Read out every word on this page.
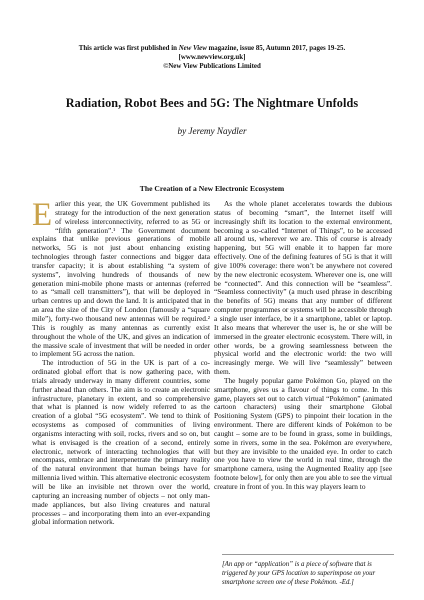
This article was first published in New View magazine, issue 85, Autumn 2017, pages 19-25.
[www.newview.org.uk]
©New View Publications Limited
Radiation, Robot Bees and 5G: The Nightmare Unfolds
by Jeremy Naydler
The Creation of a New Electronic Ecosystem

Earlier this year, the UK Government published its strategy for the introduction of the next generation of wireless interconnectivity, referred to as 5G or “fifth generation”.¹ The Government document explains that unlike previous generations of mobile networks, 5G is not just about enhancing existing technologies through faster connections and bigger data transfer capacity; it is about establishing “a system of systems”, involving hundreds of thousands of new generation mini-mobile phone masts or antennas (referred to as “small cell transmitters”), that will be deployed in urban centres up and down the land. It is anticipated that in an area the size of the City of London (famously a “square mile”), forty-two thousand new antennas will be required.² This is roughly as many antennas as currently exist throughout the whole of the UK, and gives an indication of the massive scale of investment that will be needed in order to implement 5G across the nation.

The introduction of 5G in the UK is part of a co-ordinated global effort that is now gathering pace, with trials already underway in many different countries, some further ahead than others. The aim is to create an electronic infrastructure, planetary in extent, and so comprehensive that what is planned is now widely referred to as the creation of a global “5G ecosystem”. We tend to think of ecosystems as composed of communities of living organisms interacting with soil, rocks, rivers and so on, but what is envisaged is the creation of a second, entirely electronic, network of interacting technologies that will encompass, embrace and interpenetrate the primary reality of the natural environment that human beings have for millennia lived within. This alternative electronic ecosystem will be like an invisible net thrown over the world, capturing an increasing number of objects – not only man-made appliances, but also living creatures and natural processes – and incorporating them into an ever-expanding global information network.

As the whole planet accelerates towards the dubious status of becoming “smart”, the Internet itself will increasingly shift its location to the external environment, becoming a so-called “Internet of Things”, to be accessed all around us, wherever we are. This of course is already happening, but 5G will enable it to happen far more effectively. One of the defining features of 5G is that it will give 100% coverage: there won’t be anywhere not covered by the new electronic ecosystem. Wherever one is, one will be “connected”. And this connection will be “seamless”. “Seamless connectivity” (a much used phrase in describing the benefits of 5G) means that any number of different computer programmes or systems will be accessible through a single user interface, be it a smartphone, tablet or laptop. It also means that wherever the user is, he or she will be immersed in the greater electronic ecosystem. There will, in other words, be a growing seamlessness between the physical world and the electronic world: the two will increasingly merge. We will live “seamlessly” between them.

The hugely popular game Pokémon Go, played on the smartphone, gives us a flavour of things to come. In this game, players set out to catch virtual “Pokémon” (animated cartoon characters) using their smartphone Global Positioning System (GPS) to pinpoint their location in the environment. There are different kinds of Pokémon to be caught – some are to be found in grass, some in buildings, some in rivers, some in the sea. Pokémon are everywhere, but they are invisible to the unaided eye. In order to catch one you have to view the world in real time, through the smartphone camera, using the Augmented Reality app [see footnote below], for only then are you able to see the virtual creature in front of you. In this way players learn to

[An app or “application” is a piece of software that is triggered by your GPS location to superimpose on your smartphone screen one of these Pokémon. -Ed.]
